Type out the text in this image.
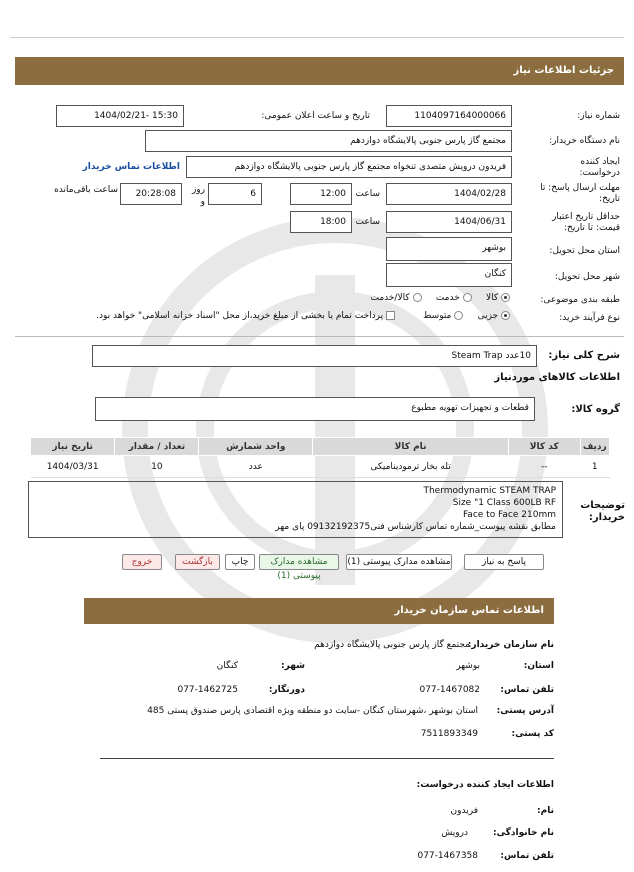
جزئیات اطلاعات نیاز
شماره نیاز:
1104097164000066
تاریخ و ساعت اعلان عمومی:
1404/02/21- 15:30
نام دستگاه خریدار:
مجتمع گاز پارس جنوبی پالایشگاه دوازدهم
ایجاد کننده
درخواست:
فریدون درویش متصدی تنخواه مجتمع گاز پارس جنوبی پالایشگاه دوازدهم
اطلاعات تماس خریدار
مهلت ارسال پاسخ: تا
تاریخ:
1404/02/28
ساعت
12:00
6
روز
و
20:28:08
ساعت باقی‌مانده
حداقل تاریخ اعتبار
قیمت: تا تاریخ:
1404/06/31
ساعت
18:00
استان محل تحویل:
بوشهر
شهر محل تحویل:
کنگان
طبقه بندی موضوعی:
کالا      خدمت      کالا/خدمت
نوع فرآیند خرید:
جزیی      متوسط
پرداخت تمام یا بخشی از مبلغ خرید،از محل "اسناد خزانه اسلامی" خواهد بود.
شرح کلی نیاز:
10عدد Steam Trap
اطلاعات کالاهای موردنیاز
گروه کالا:
قطعات و تجهیزات تهویه مطبوع
ردیف	کد کالا	نام کالا	واحد شمارش	تعداد / مقدار	تاریخ نیاز
1	--	تله بخار ترمودینامیکی	عدد	10	1404/03/31
توضیحات
خریدار:
Thermodynamic STEAM TRAP
Size "1 Class 600LB RF
Face to Face 210mm
مطابق نقشه پیوست_شماره تماس کارشناس فنی09132192375 پای مهر
پاسخ به نیاز
مشاهده مدارک پیوستی (1)
مشاهده مدارک پیوستی (1)
چاپ
بازگشت
خروج
اطلاعات تماس سازمان خریدار
نام سازمان خریدار:
مجتمع گاز پارس جنوبی پالایشگاه دوازدهم
استان:
بوشهر
شهر:
کنگان
تلفن تماس:
077-1467082
دورنگار:
077-1462725
آدرس پستی:
استان بوشهر ،شهرستان کنگان -سایت دو منطقه ویژه اقتصادی پارس صندوق پستی 485
کد پستی:
7511893349
اطلاعات ایجاد کننده درخواست:
نام:
فریدون
نام خانوادگی:
درویش
تلفن تماس:
077-1467358
